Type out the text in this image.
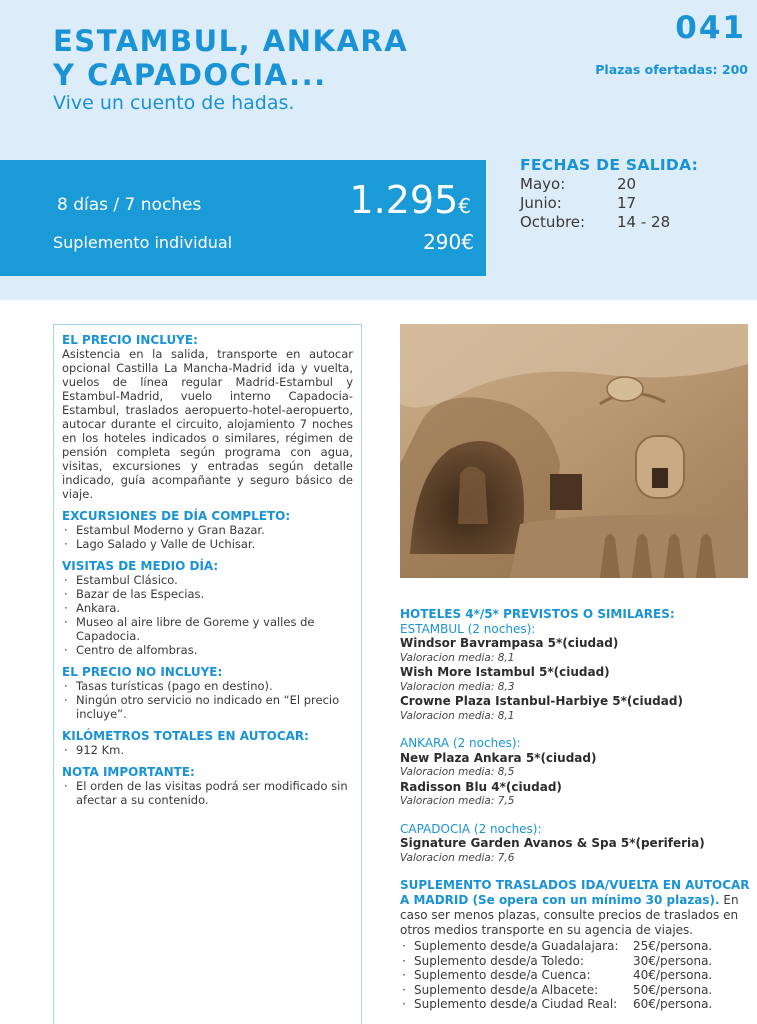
ESTAMBUL, ANKARA
Y CAPADOCIA...
Vive un cuento de hadas.
041
Plazas ofertadas: 200
8 días / 7 noches	1.295€
Suplemento individual	290€
FECHAS DE SALIDA:
Mayo:	20
Junio:	17
Octubre:	14 - 28
EL PRECIO INCLUYE:
Asistencia en la salida, transporte en autocar opcional Castilla La Mancha-Madrid ida y vuelta, vuelos de línea regular Madrid-Estambul y Estambul-Madrid, vuelo interno Capadocia-Estambul, traslados aeropuerto-hotel-aeropuerto, autocar durante el circuito, alojamiento 7 noches en los hoteles indicados o similares, régimen de pensión completa según programa con agua, visitas, excursiones y entradas según detalle indicado, guía acompañante y seguro básico de viaje.
EXCURSIONES DE DÍA COMPLETO:
· Estambul Moderno y Gran Bazar.
· Lago Salado y Valle de Uchisar.
VISITAS DE MEDIO DÍA:
· Estambul Clásico.
· Bazar de las Especias.
· Ankara.
· Museo al aire libre de Goreme y valles de Capadocia.
· Centro de alfombras.
EL PRECIO NO INCLUYE:
· Tasas turísticas (pago en destino).
· Ningún otro servicio no indicado en “El precio incluye”.
KILÓMETROS TOTALES EN AUTOCAR:
· 912 Km.
NOTA IMPORTANTE:
· El orden de las visitas podrá ser modificado sin afectar a su contenido.
HOTELES 4*/5* PREVISTOS O SIMILARES:
ESTAMBUL (2 noches):
Windsor Bavrampasa 5*(ciudad)
Valoracion media: 8,1
Wish More Istambul 5*(ciudad)
Valoracion media: 8,3
Crowne Plaza Istanbul-Harbiye 5*(ciudad)
Valoracion media: 8,1
ANKARA (2 noches):
New Plaza Ankara 5*(ciudad)
Valoracion media: 8,5
Radisson Blu 4*(ciudad)
Valoracion media: 7,5
CAPADOCIA (2 noches):
Signature Garden Avanos & Spa 5*(periferia)
Valoracion media: 7,6
SUPLEMENTO TRASLADOS IDA/VUELTA EN AUTOCAR A MADRID (Se opera con un mínimo 30 plazas). En caso ser menos plazas, consulte precios de traslados en otros medios transporte en su agencia de viajes.
· Suplemento desde/a Guadalajara:	25€/persona.
· Suplemento desde/a Toledo:	30€/persona.
· Suplemento desde/a Cuenca:	40€/persona.
· Suplemento desde/a Albacete:	50€/persona.
· Suplemento desde/a Ciudad Real:	60€/persona.
